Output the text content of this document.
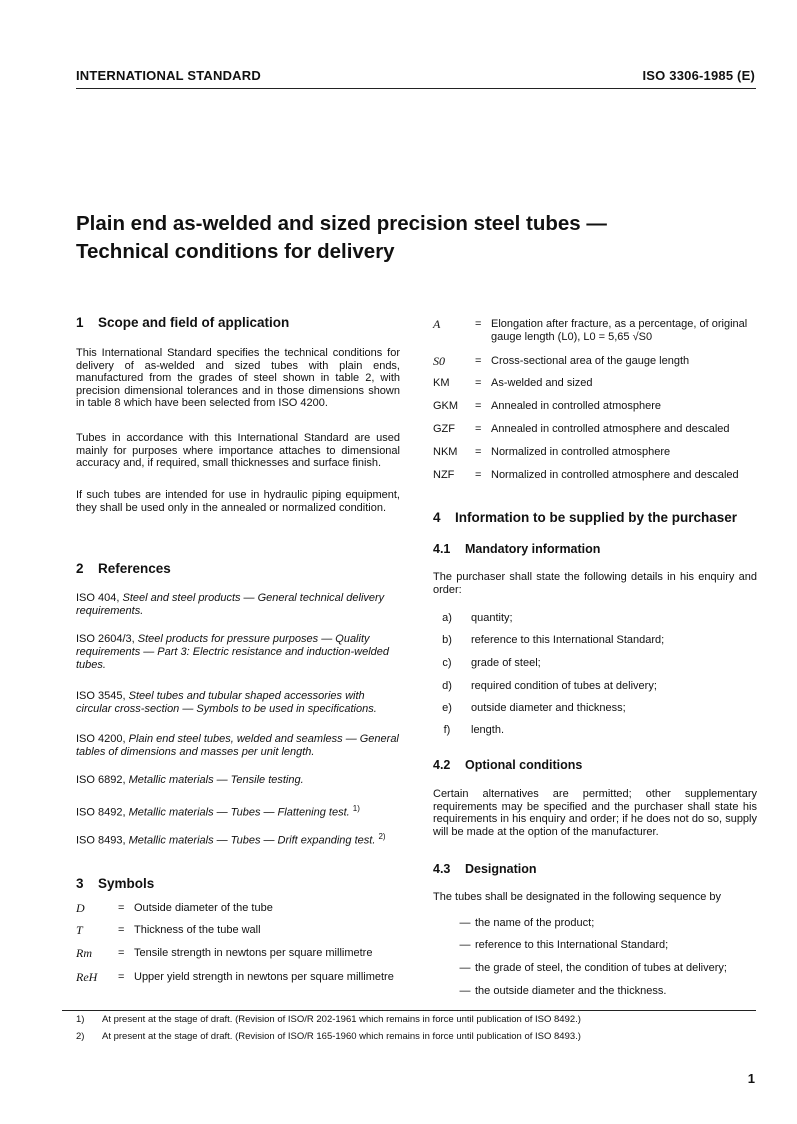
INTERNATIONAL STANDARD	ISO 3306-1985 (E)
Plain end as-welded and sized precision steel tubes —
Technical conditions for delivery
1 Scope and field of application
This International Standard specifies the technical conditions for delivery of as-welded and sized tubes with plain ends, manufactured from the grades of steel shown in table 2, with precision dimensional tolerances and in those dimensions shown in table 8 which have been selected from ISO 4200.
Tubes in accordance with this International Standard are used mainly for purposes where importance attaches to dimensional accuracy and, if required, small thicknesses and surface finish.
If such tubes are intended for use in hydraulic piping equipment, they shall be used only in the annealed or normalized condition.
2 References
ISO 404, Steel and steel products — General technical delivery requirements.
ISO 2604/3, Steel products for pressure purposes — Quality requirements — Part 3: Electric resistance and induction-welded tubes.
ISO 3545, Steel tubes and tubular shaped accessories with circular cross-section — Symbols to be used in specifications.
ISO 4200, Plain end steel tubes, welded and seamless — General tables of dimensions and masses per unit length.
ISO 6892, Metallic materials — Tensile testing.
ISO 8492, Metallic materials — Tubes — Flattening test. $^{1)}$
ISO 8493, Metallic materials — Tubes — Drift expanding test. $^{2)}$
3 Symbols
D	= Outside diameter of the tube
T	= Thickness of the tube wall
Rm = Tensile strength in newtons per square millimetre
ReH = Upper yield strength in newtons per square millimetre
A	= Elongation after fracture, as a percentage, of original gauge length (L0), L0 = 5,65 √S0
S0	= Cross-sectional area of the gauge length
KM = As-welded and sized
GKM = Annealed in controlled atmosphere
GZF = Annealed in controlled atmosphere and descaled
NKM = Normalized in controlled atmosphere
NZF = Normalized in controlled atmosphere and descaled
4 Information to be supplied by the purchaser
4.1 Mandatory information
The purchaser shall state the following details in his enquiry and order:
a)	quantity;
b)	reference to this International Standard;
c)	grade of steel;
d)	required condition of tubes at delivery;
e)	outside diameter and thickness;
f)	length.
4.2 Optional conditions
Certain alternatives are permitted; other supplementary requirements may be specified and the purchaser shall state his requirements in his enquiry and order; if he does not do so, supply will be made at the option of the manufacturer.
4.3 Designation
The tubes shall be designated in the following sequence by
— the name of the product;
— reference to this International Standard;
— the grade of steel, the condition of tubes at delivery;
— the outside diameter and the thickness.
1) At present at the stage of draft. (Revision of ISO/R 202-1961 which remains in force until publication of ISO 8492.)
2) At present at the stage of draft. (Revision of ISO/R 165-1960 which remains in force until publication of ISO 8493.)
1
